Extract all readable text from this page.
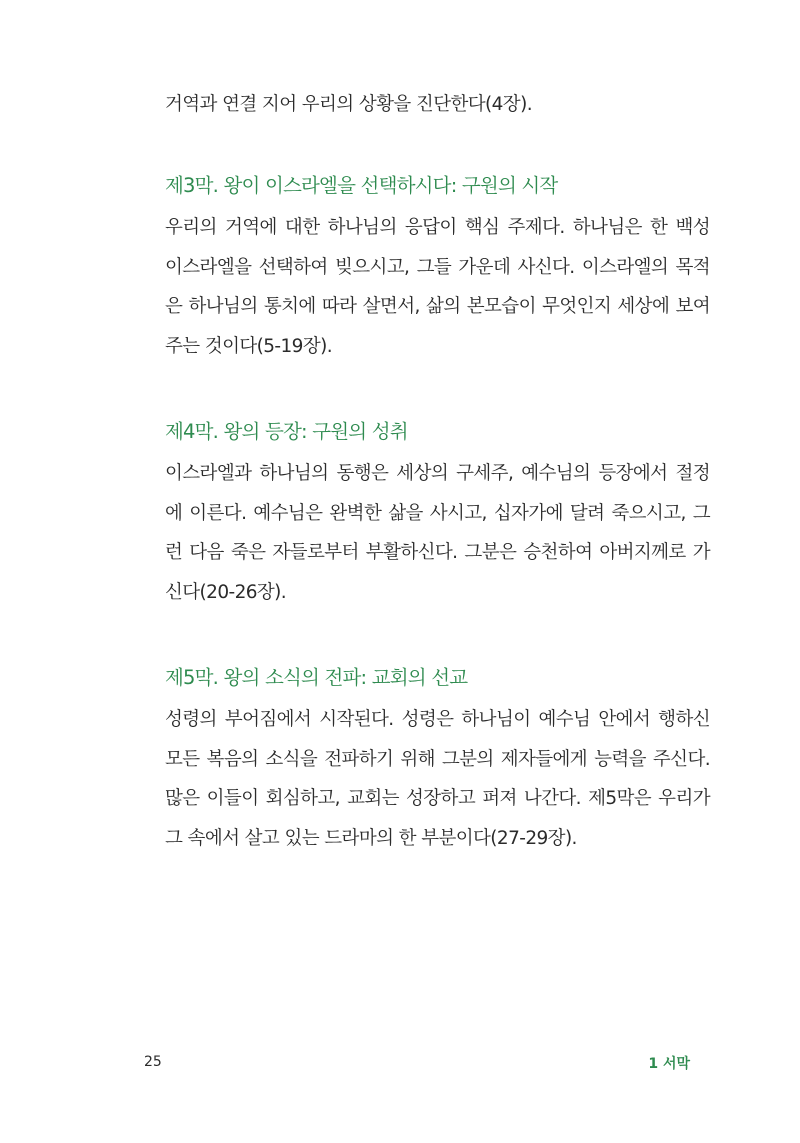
거역과 연결 지어 우리의 상황을 진단한다(4장).

제3막. 왕이 이스라엘을 선택하시다: 구원의 시작

우리의 거역에 대한 하나님의 응답이 핵심 주제다. 하나님은 한 백성
이스라엘을 선택하여 빚으시고, 그들 가운데 사신다. 이스라엘의 목적
은 하나님의 통치에 따라 살면서, 삶의 본모습이 무엇인지 세상에 보여
주는 것이다(5-19장).

제4막. 왕의 등장: 구원의 성취

이스라엘과 하나님의 동행은 세상의 구세주, 예수님의 등장에서 절정
에 이른다. 예수님은 완벽한 삶을 사시고, 십자가에 달려 죽으시고, 그
런 다음 죽은 자들로부터 부활하신다. 그분은 승천하여 아버지께로 가
신다(20-26장).

제5막. 왕의 소식의 전파: 교회의 선교

성령의 부어짐에서 시작된다. 성령은 하나님이 예수님 안에서 행하신
모든 복음의 소식을 전파하기 위해 그분의 제자들에게 능력을 주신다.
많은 이들이 회심하고, 교회는 성장하고 퍼져 나간다. 제5막은 우리가
그 속에서 살고 있는 드라마의 한 부분이다(27-29장).

25	1 서막
